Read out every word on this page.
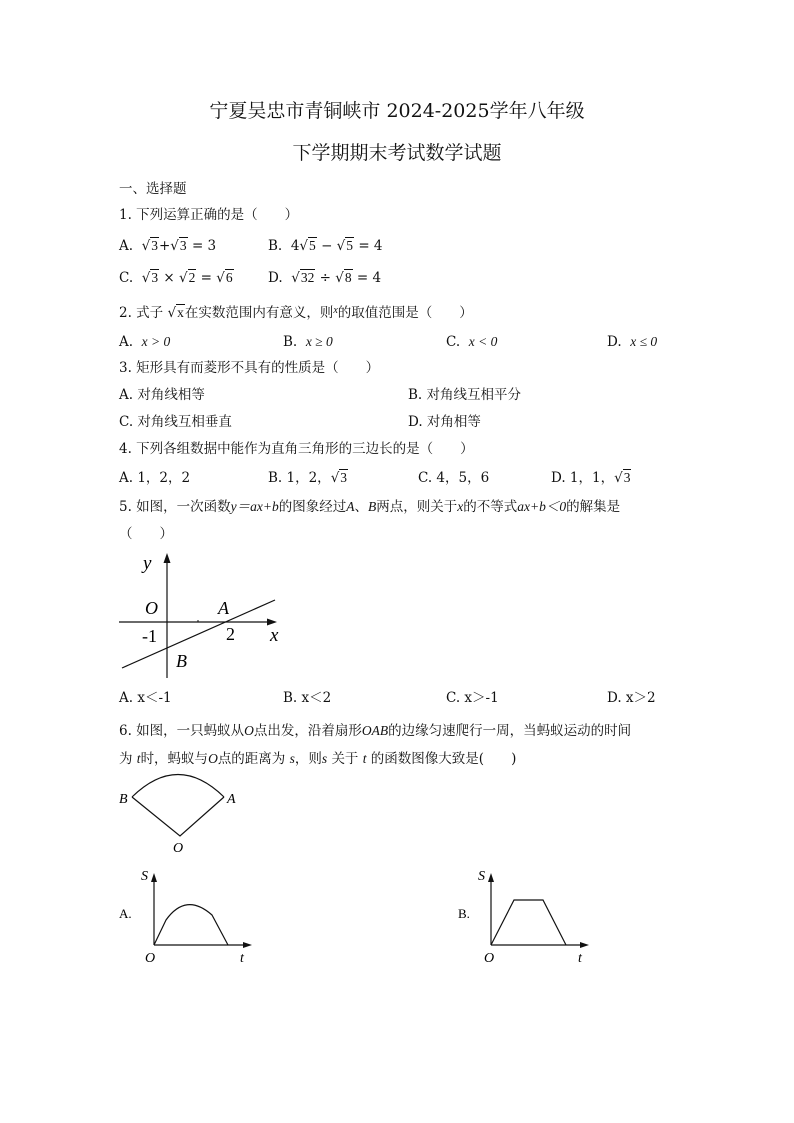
宁夏吴忠市青铜峡市 2024-2025学年八年级
下学期期末考试数学试题
一、选择题
1. 下列运算正确的是（　　）
A.  √3+√3 = 3	B. 4√5 − √5 = 4
C.  √3 × √2 = √6	D.  √32 ÷ √8 = 4
2. 式子 √x在实数范围内有意义，则$^x$的取值范围是（　　）
A. x > 0	B. x ≥ 0	C. x < 0	D. x ≤ 0
3. 矩形具有而菱形不具有的性质是（　　）
A. 对角线相等	B. 对角线互相平分
C. 对角线互相垂直	D. 对角相等
4. 下列各组数据中能作为直角三角形的三边长的是（　　）
A. 1，2，2	B. 1，2，√3	C. 4，5，6	D. 1，1，√3
5. 如图，一次函数y＝ax+b的图象经过A、B两点，则关于x的不等式ax+b＜0的解集是
（　　）
y
x
O	A
B
-1	2
A. x＜-1	B. x＜2	C. x＞-1	D. x＞2
6. 如图，一只蚂蚁从O点出发，沿着扇形OAB的边缘匀速爬行一周，当蚂蚁运动的时间
为 t时，蚂蚁与O点的距离为 s，则s 关于 t 的函数图像大致是(　　)
B	A
O
S
O	t
A.
S
O	t
B.
